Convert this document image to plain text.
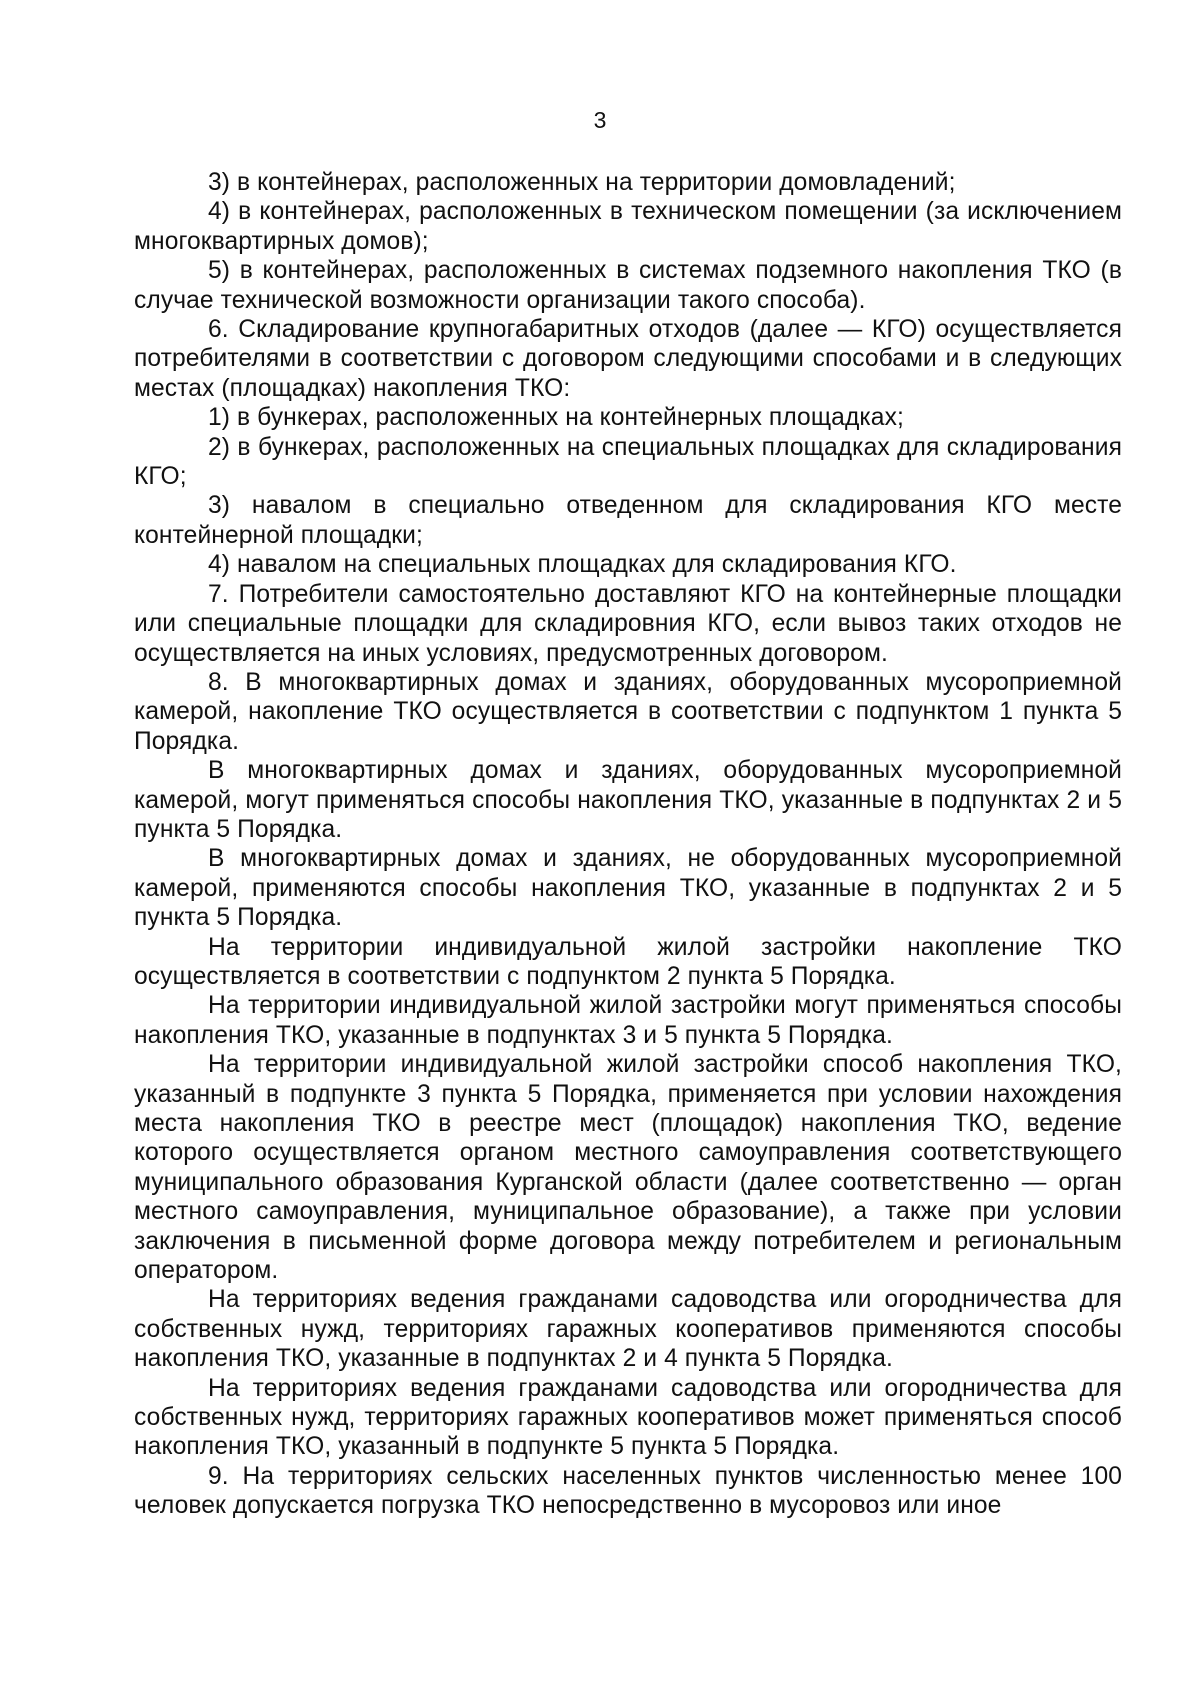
3

3) в контейнерах, расположенных на территории домовладений;

4) в контейнерах, расположенных в техническом помещении (за исключением многоквартирных домов);

5) в контейнерах, расположенных в системах подземного накопления ТКО (в случае технической возможности организации такого способа).

6. Складирование крупногабаритных отходов (далее — КГО) осуществляется потребителями в соответствии с договором следующими способами и в следующих местах (площадках) накопления ТКО:

1) в бункерах, расположенных на контейнерных площадках;

2) в бункерах, расположенных на специальных площадках для складирования КГО;

3) навалом в специально отведенном для складирования КГО месте контейнерной площадки;

4) навалом на специальных площадках для складирования КГО.

7. Потребители самостоятельно доставляют КГО на контейнерные площадки или специальные площадки для складировния КГО, если вывоз таких отходов не осуществляется на иных условиях, предусмотренных договором.

8. В многоквартирных домах и зданиях, оборудованных мусороприемной камерой, накопление ТКО осуществляется в соответствии с подпунктом 1 пункта 5 Порядка.

В многоквартирных домах и зданиях, оборудованных мусороприемной камерой, могут применяться способы накопления ТКО, указанные в подпунктах 2 и 5 пункта 5 Порядка.

В многоквартирных домах и зданиях, не оборудованных мусороприемной камерой, применяются способы накопления ТКО, указанные в подпунктах 2 и 5 пункта 5 Порядка.

На территории индивидуальной жилой застройки накопление ТКО осуществляется в соответствии с подпунктом 2 пункта 5 Порядка.

На территории индивидуальной жилой застройки могут применяться способы накопления ТКО, указанные в подпунктах 3 и 5 пункта 5 Порядка.

На территории индивидуальной жилой застройки способ накопления ТКО, указанный в подпункте 3 пункта 5 Порядка, применяется при условии нахождения места накопления ТКО в реестре мест (площадок) накопления ТКО, ведение которого осуществляется органом местного самоуправления соответствующего муниципального образования Курганской области (далее соответственно — орган местного самоуправления, муниципальное образование), а также при условии заключения в письменной форме договора между потребителем и региональным оператором.

На территориях ведения гражданами садоводства или огородничества для собственных нужд, территориях гаражных кооперативов применяются способы накопления ТКО, указанные в подпунктах 2 и 4 пункта 5 Порядка.

На территориях ведения гражданами садоводства или огородничества для собственных нужд, территориях гаражных кооперативов может применяться способ накопления ТКО, указанный в подпункте 5 пункта 5 Порядка.

9. На территориях сельских населенных пунктов численностью менее 100 человек допускается погрузка ТКО непосредственно в мусоровоз или иное
